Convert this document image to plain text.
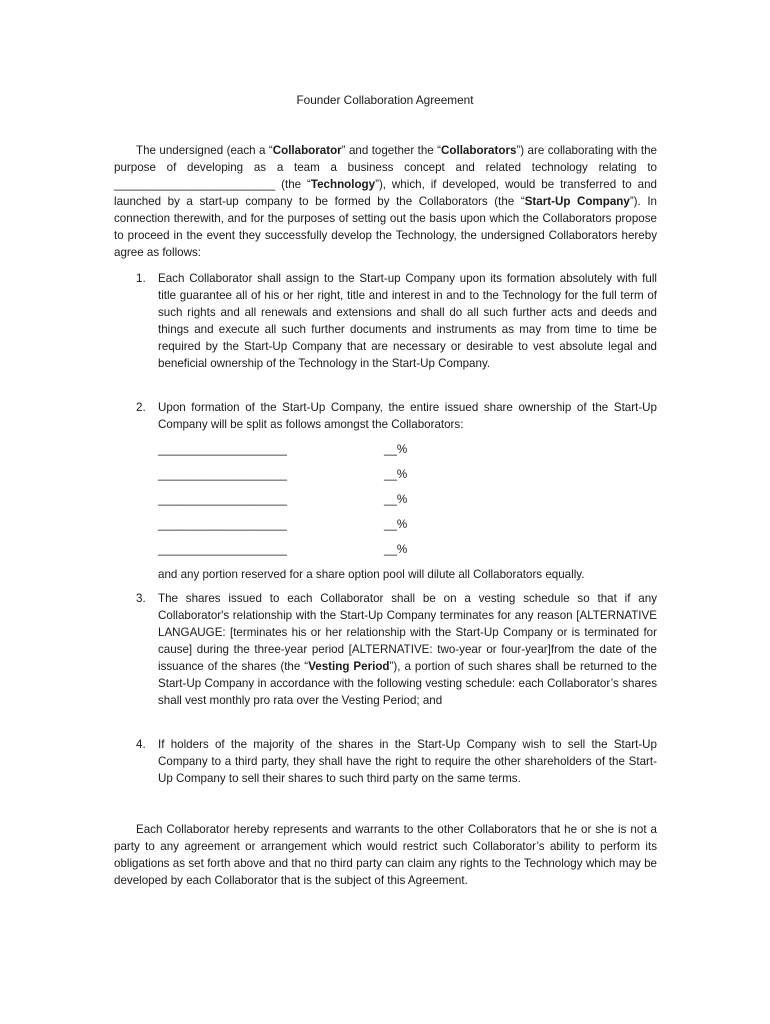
Founder Collaboration Agreement

The undersigned (each a “Collaborator” and together the “Collaborators”) are collaborating with the purpose of developing as a team a business concept and related technology relating to _________________________ (the “Technology”), which, if developed, would be transferred to and launched by a start-up company to be formed by the Collaborators (the “Start-Up Company”). In connection therewith, and for the purposes of setting out the basis upon which the Collaborators propose to proceed in the event they successfully develop the Technology, the undersigned Collaborators hereby agree as follows:

1. Each Collaborator shall assign to the Start-up Company upon its formation absolutely with full title guarantee all of his or her right, title and interest in and to the Technology for the full term of such rights and all renewals and extensions and shall do all such further acts and deeds and things and execute all such further documents and instruments as may from time to time be required by the Start-Up Company that are necessary or desirable to vest absolute legal and beneficial ownership of the Technology in the Start-Up Company.
2. Upon formation of the Start-Up Company, the entire issued share ownership of the Start-Up Company will be split as follows amongst the Collaborators:
____________________	__%
____________________	__%
____________________	__%
____________________	__%
____________________	__%
and any portion reserved for a share option pool will dilute all Collaborators equally.
3. The shares issued to each Collaborator shall be on a vesting schedule so that if any Collaborator's relationship with the Start-Up Company terminates for any reason [ALTERNATIVE LANGAUGE: [terminates his or her relationship with the Start-Up Company or is terminated for cause] during the three-year period [ALTERNATIVE: two-year or four-year]from the date of the issuance of the shares (the “Vesting Period”), a portion of such shares shall be returned to the Start-Up Company in accordance with the following vesting schedule: each Collaborator’s shares shall vest monthly pro rata over the Vesting Period; and
4. If holders of the majority of the shares in the Start-Up Company wish to sell the Start-Up Company to a third party, they shall have the right to require the other shareholders of the Start-Up Company to sell their shares to such third party on the same terms.

Each Collaborator hereby represents and warrants to the other Collaborators that he or she is not a party to any agreement or arrangement which would restrict such Collaborator’s ability to perform its obligations as set forth above and that no third party can claim any rights to the Technology which may be developed by each Collaborator that is the subject of this Agreement.
